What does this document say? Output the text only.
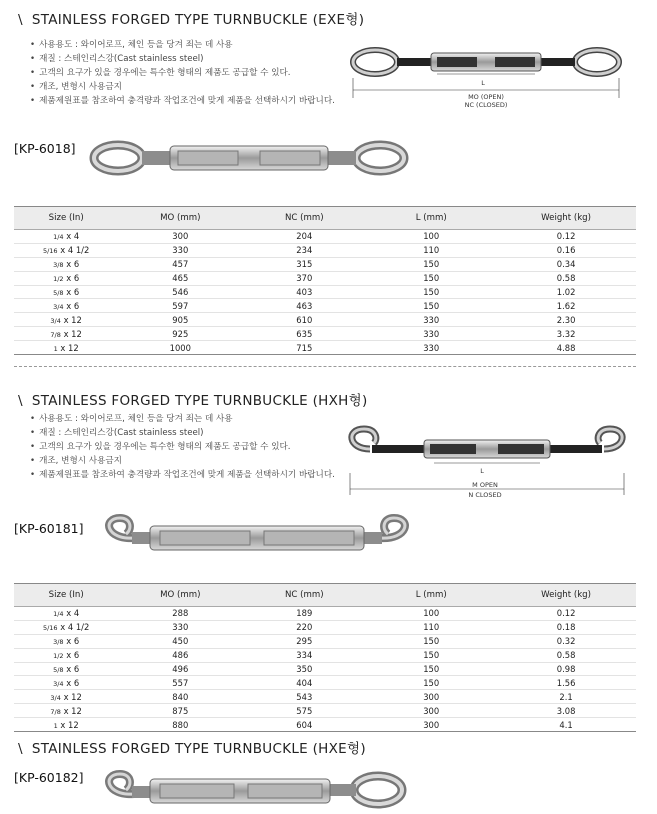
\ STAINLESS FORGED TYPE TURNBUCKLE (EXE형)
• 사용용도 : 와이어로프, 체인 등을 당겨 죄는 데 사용
• 재질 : 스테인리스강(Cast stainless steel)
• 고객의 요구가 있을 경우에는 특수한 형태의 제품도 공급할 수 있다.
• 개조, 변형시 사용금지
• 제품제원표를 참조하여 충격량과 작업조건에 맞게 제품을 선택하시기 바랍니다.
L
MO (OPEN)
NC (CLOSED)
[KP-6018]
Size (In)	MO (mm)	NC (mm)	L (mm)	Weight (kg)
1/4 x 4	300	204	100	0.12
5/16 x 4 1/2	330	234	110	0.16
3/8 x 6	457	315	150	0.34
1/2 x 6	465	370	150	0.58
5/8 x 6	546	403	150	1.02
3/4 x 6	597	463	150	1.62
3/4 x 12	905	610	330	2.30
7/8 x 12	925	635	330	3.32
1 x 12	1000	715	330	4.88
\ STAINLESS FORGED TYPE TURNBUCKLE (HXH형)
• 사용용도 : 와이어로프, 체인 등을 당겨 죄는 데 사용
• 재질 : 스테인리스강(Cast stainless steel)
• 고객의 요구가 있을 경우에는 특수한 형태의 제품도 공급할 수 있다.
• 개조, 변형시 사용금지
• 제품제원표를 참조하여 충격량과 작업조건에 맞게 제품을 선택하시기 바랍니다.	L
M OPEN
N CLOSED
[KP-60181]
Size (In)	MO (mm)	NC (mm)	L (mm)	Weight (kg)
1/4 x 4	288	189	100	0.12
5/16 x 4 1/2	330	220	110	0.18
3/8 x 6	450	295	150	0.32
1/2 x 6	486	334	150	0.58
5/8 x 6	496	350	150	0.98
3/4 x 6	557	404	150	1.56
3/4 x 12	840	543	300	2.1
7/8 x 12	875	575	300	3.08
1 x 12	880	604	300	4.1
\ STAINLESS FORGED TYPE TURNBUCKLE (HXE형)
[KP-60182]
